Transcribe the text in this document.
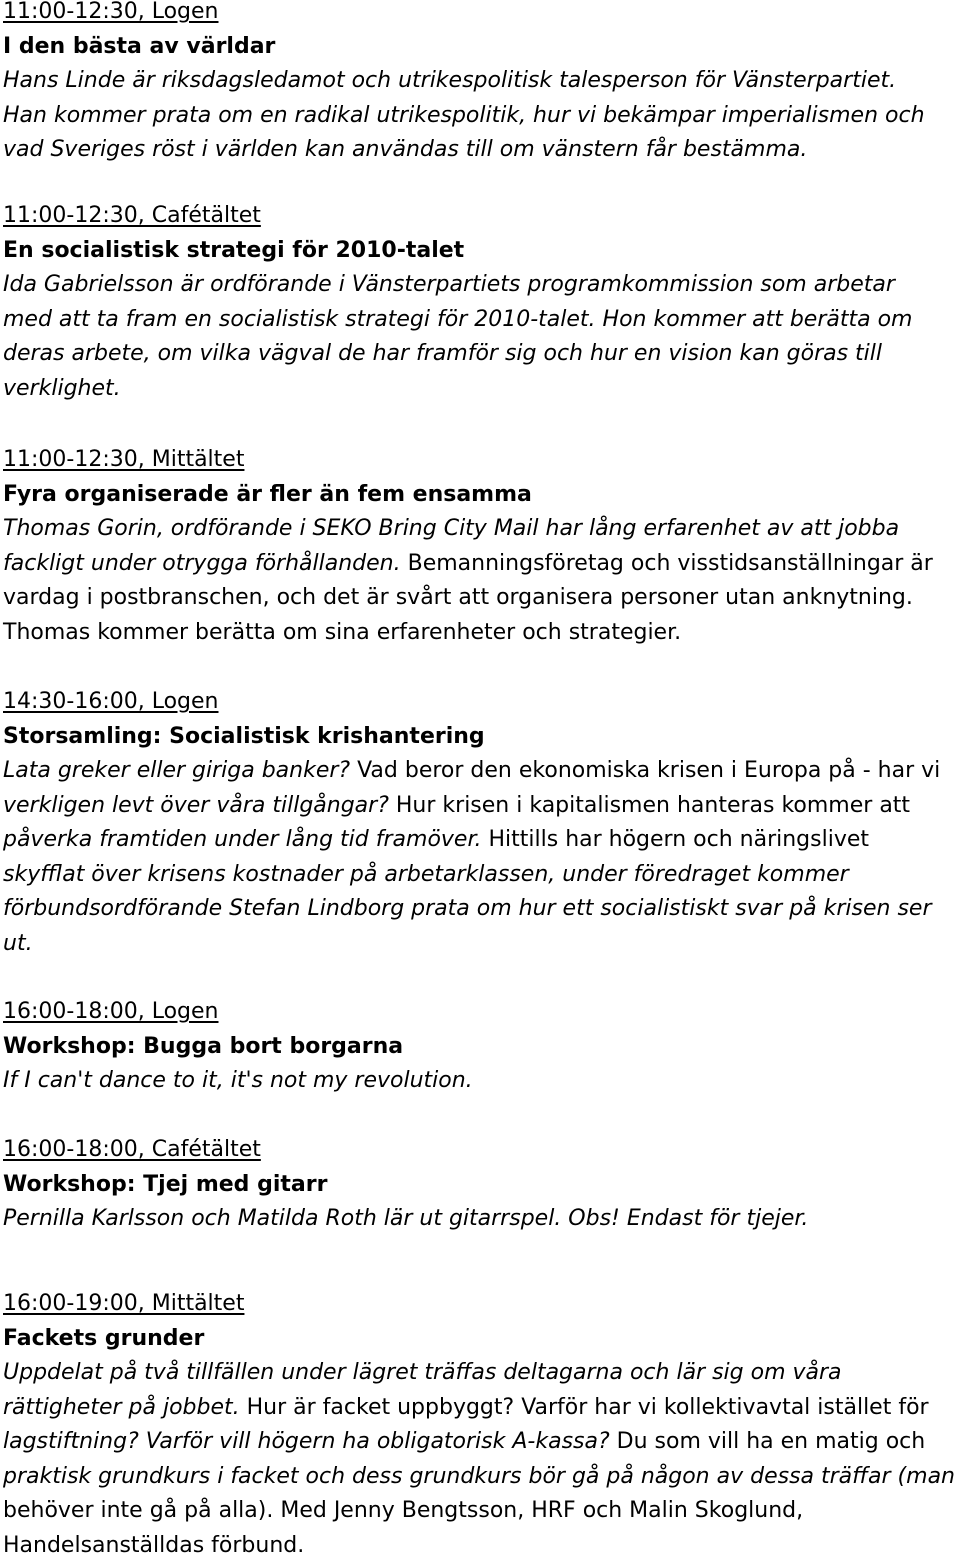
11:00-12:30, Logen
I den bästa av världar
Hans Linde är riksdagsledamot och utrikespolitisk talesperson för Vänsterpartiet.
Han kommer prata om en radikal utrikespolitik, hur vi bekämpar imperialismen och
vad Sveriges röst i världen kan användas till om vänstern får bestämma.
11:00-12:30, Cafétältet
En socialistisk strategi för 2010-talet
Ida Gabrielsson är ordförande i Vänsterpartiets programkommission som arbetar
med att ta fram en socialistisk strategi för 2010-talet. Hon kommer att berätta om
deras arbete, om vilka vägval de har framför sig och hur en vision kan göras till
verklighet.
11:00-12:30, Mittältet
Fyra organiserade är fler än fem ensamma
Thomas Gorin, ordförande i SEKO Bring City Mail har lång erfarenhet av att jobba
fackligt under otrygga förhållanden. Bemanningsföretag och visstidsanställningar är
vardag i postbranschen, och det är svårt att organisera personer utan anknytning.
Thomas kommer berätta om sina erfarenheter och strategier.
14:30-16:00, Logen
Storsamling: Socialistisk krishantering
Lata greker eller giriga banker? Vad beror den ekonomiska krisen i Europa på - har vi
verkligen levt över våra tillgångar? Hur krisen i kapitalismen hanteras kommer att
påverka framtiden under lång tid framöver. Hittills har högern och näringslivet
skyfflat över krisens kostnader på arbetarklassen, under föredraget kommer
förbundsordförande Stefan Lindborg prata om hur ett socialistiskt svar på krisen ser
ut.
16:00-18:00, Logen
Workshop: Bugga bort borgarna
If I can't dance to it, it's not my revolution.
16:00-18:00, Cafétältet
Workshop: Tjej med gitarr
Pernilla Karlsson och Matilda Roth lär ut gitarrspel. Obs! Endast för tjejer.
16:00-19:00, Mittältet
Fackets grunder
Uppdelat på två tillfällen under lägret träffas deltagarna och lär sig om våra
rättigheter på jobbet. Hur är facket uppbyggt? Varför har vi kollektivavtal istället för
lagstiftning? Varför vill högern ha obligatorisk A-kassa? Du som vill ha en matig och
praktisk grundkurs i facket och dess grundkurs bör gå på någon av dessa träffar (man
behöver inte gå på alla). Med Jenny Bengtsson, HRF och Malin Skoglund,
Handelsanställdas förbund.
